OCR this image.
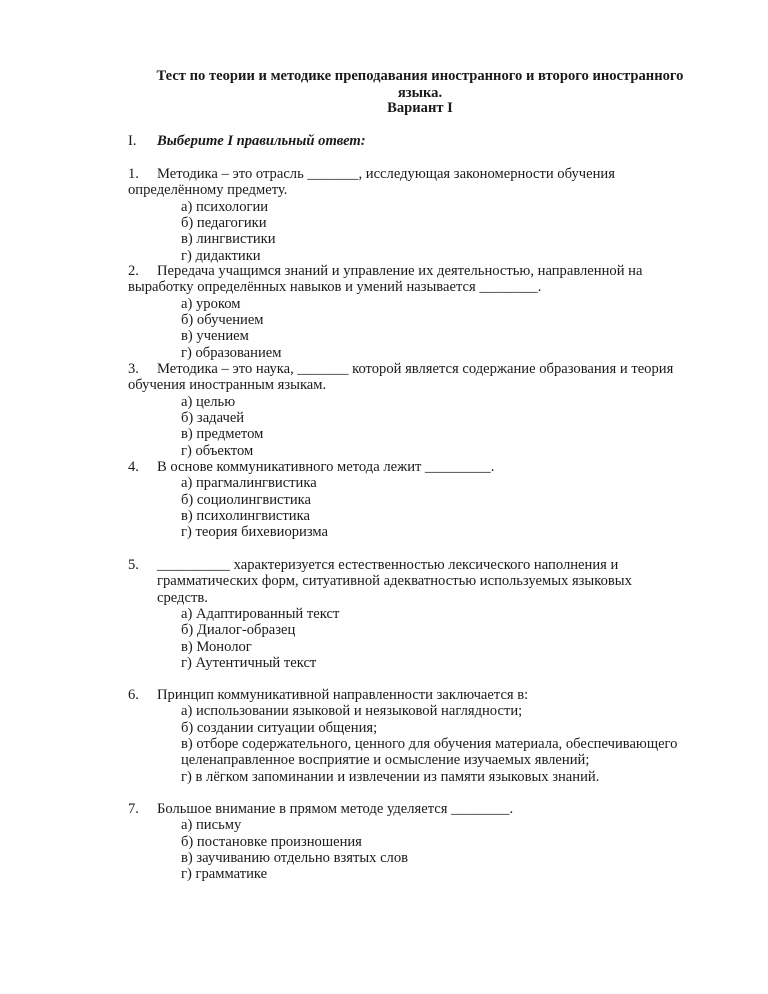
Тест по теории и методике преподавания иностранного и второго иностранного
языка.
Вариант I
I. Выберите I правильный ответ:
1. Методика – это отрасль _______, исследующая закономерности обучения
определённому предмету.
а) психологии
б) педагогики
в) лингвистики
г) дидактики
2. Передача учащимся знаний и управление их деятельностью, направленной на
выработку определённых навыков и умений называется ________.
а) уроком
б) обучением
в) учением
г) образованием
3. Методика – это наука, _______ которой является содержание образования и теория
обучения иностранным языкам.
а) целью
б) задачей
в) предметом
г) объектом
4. В основе коммуникативного метода лежит _________.
а) прагмалингвистика
б) социолингвистика
в) психолингвистика
г) теория бихевиоризма
5. __________ характеризуется естественностью лексического наполнения и
грамматических форм, ситуативной адекватностью используемых языковых
средств.
а) Адаптированный текст
б) Диалог-образец
в) Монолог
г) Аутентичный текст
6. Принцип коммуникативной направленности заключается в:
а) использовании языковой и неязыковой наглядности;
б) создании ситуации общения;
в) отборе содержательного, ценного для обучения материала, обеспечивающего
целенаправленное восприятие и осмысление изучаемых явлений;
г) в лёгком запоминании и извлечении из памяти языковых знаний.
7. Большое внимание в прямом методе уделяется ________.
а) письму
б) постановке произношения
в) заучиванию отдельно взятых слов
г) грамматике
